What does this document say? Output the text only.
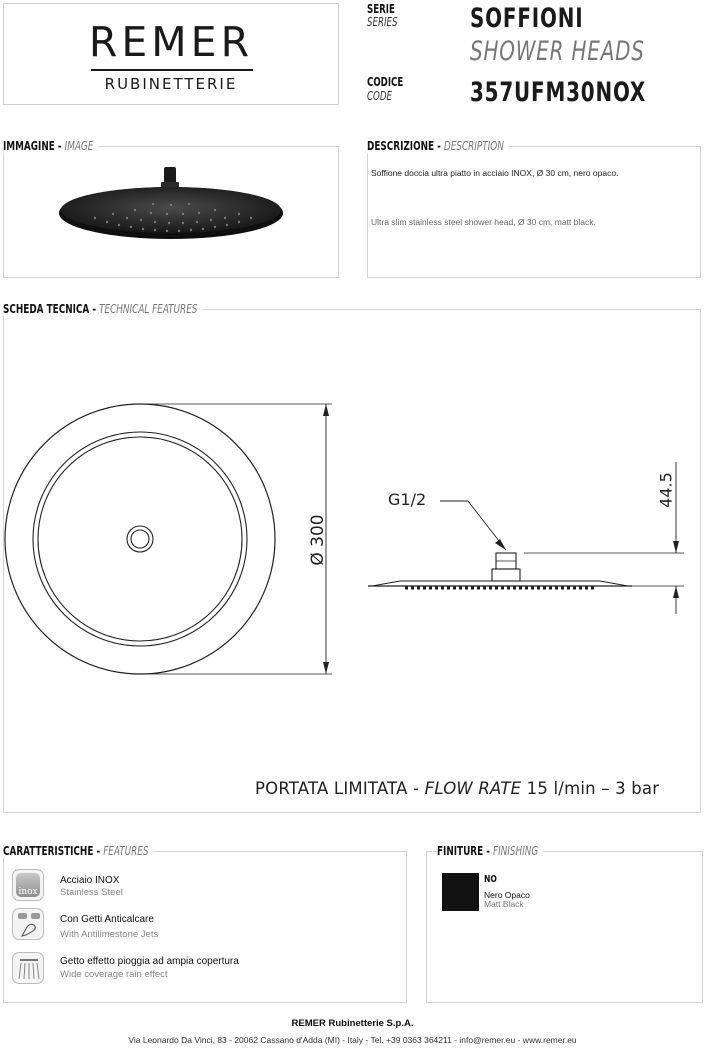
REMER
RUBINETTERIE
SERIE
SERIES	SOFFIONI
SHOWER HEADS
CODICE
CODE	357UFM30NOX
IMMAGINE - IMAGE	DESCRIZIONE - DESCRIPTION
Soffione doccia ultra piatto in acciaio INOX, Ø 30 cm, nero opaco.
Ultra slim stainless steel shower head, Ø 30 cm, matt black.
SCHEDA TECNICA - TECHNICAL FEATURES
Ø 300
G1/2	44.5
PORTATA LIMITATA - FLOW RATE 15 l/min – 3 bar
CARATTERISTICHE - FEATURES
inox
Acciaio INOX
Stainless Steel
Con Getti Anticalcare
With Antilimestone Jets
Getto effetto pioggia ad ampia copertura
Wide coverage rain effect
FINITURE - FINISHING
NO
Nero Opaco
Matt Black
REMER Rubinetterie S.p.A.
Via Leonardo Da Vinci, 83 - 20062 Cassano d'Adda (MI) - Italy - Tel. +39 0363 364211 - info@remer.eu - www.remer.eu
